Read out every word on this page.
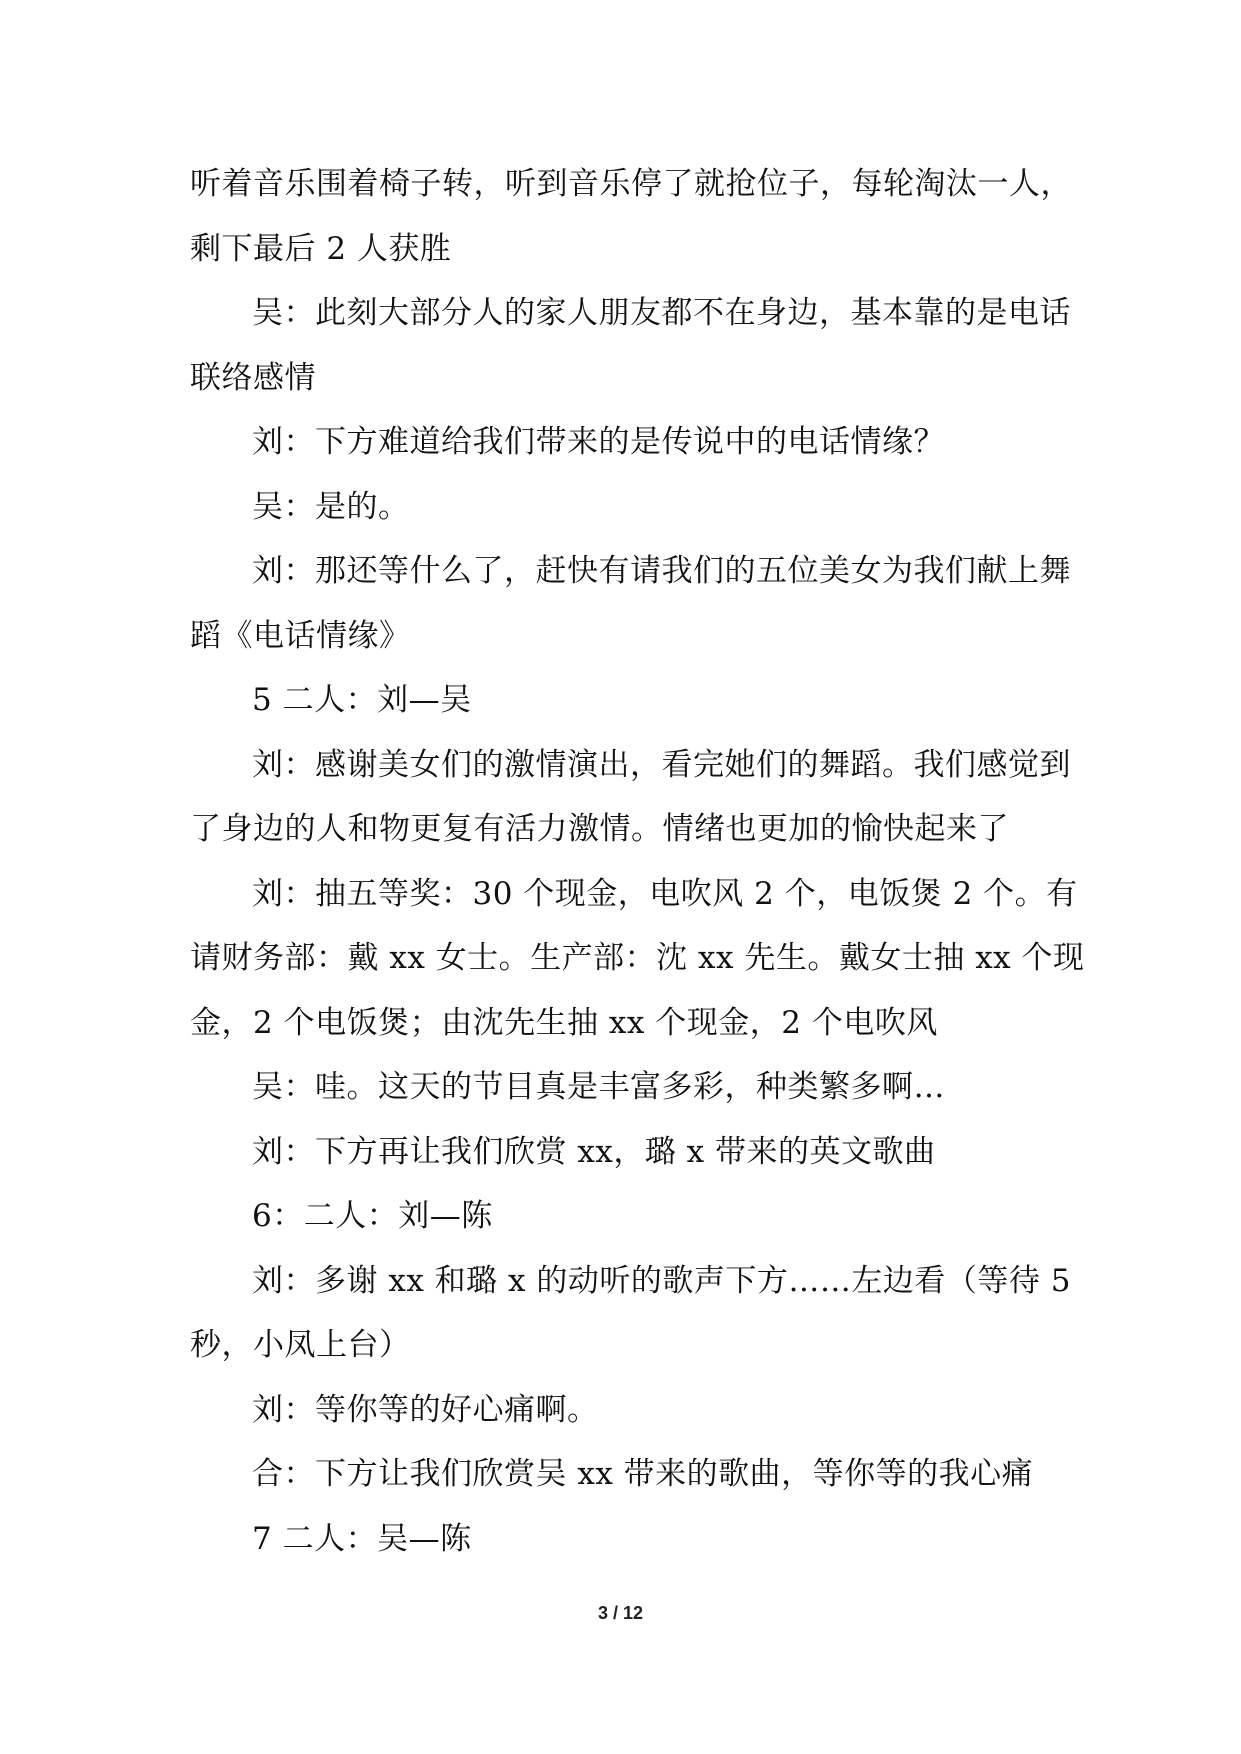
听着音乐围着椅子转，听到音乐停了就抢位子，每轮淘汰一人，

剩下最后 2 人获胜

吴：此刻大部分人的家人朋友都不在身边，基本靠的是电话

联络感情

刘：下方难道给我们带来的是传说中的电话情缘？

吴：是的。

刘：那还等什么了，赶快有请我们的五位美女为我们献上舞

蹈《电话情缘》

5 二人：刘—吴

刘：感谢美女们的激情演出，看完她们的舞蹈。我们感觉到

了身边的人和物更复有活力激情。情绪也更加的愉快起来了

刘：抽五等奖：30 个现金，电吹风 2 个，电饭煲 2 个。有

请财务部：戴 xx 女士。生产部：沈 xx 先生。戴女士抽 xx 个现

金，2 个电饭煲；由沈先生抽 xx 个现金，2 个电吹风

吴：哇。这天的节目真是丰富多彩，种类繁多啊…

刘：下方再让我们欣赏 xx，璐 x 带来的英文歌曲

6：二人：刘—陈

刘：多谢 xx 和璐 x 的动听的歌声下方……左边看（等待 5

秒，小凤上台）

刘：等你等的好心痛啊。

合：下方让我们欣赏吴 xx 带来的歌曲，等你等的我心痛

7 二人：吴—陈

3 / 12
